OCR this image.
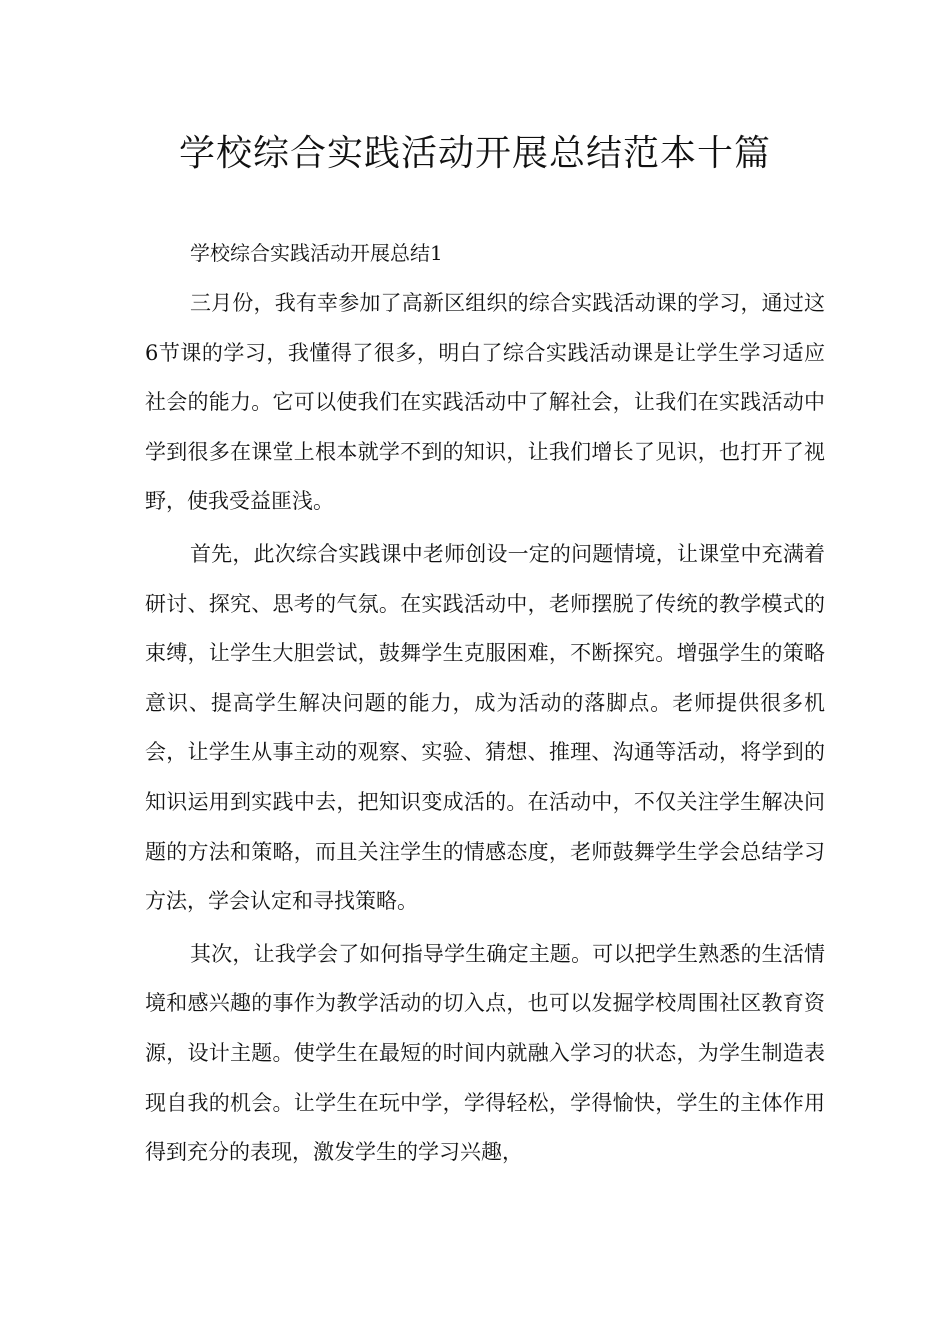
学校综合实践活动开展总结范本十篇
学校综合实践活动开展总结1

三月份，我有幸参加了高新区组织的综合实践活动课的学习，通过这6节课的学习，我懂得了很多，明白了综合实践活动课是让学生学习适应社会的能力。它可以使我们在实践活动中了解社会，让我们在实践活动中学到很多在课堂上根本就学不到的知识，让我们增长了见识，也打开了视野，使我受益匪浅。

首先，此次综合实践课中老师创设一定的问题情境，让课堂中充满着研讨、探究、思考的气氛。在实践活动中，老师摆脱了传统的教学模式的束缚，让学生大胆尝试，鼓舞学生克服困难，不断探究。增强学生的策略意识、提高学生解决问题的能力，成为活动的落脚点。老师提供很多机会，让学生从事主动的观察、实验、猜想、推理、沟通等活动，将学到的知识运用到实践中去，把知识变成活的。在活动中，不仅关注学生解决问题的方法和策略，而且关注学生的情感态度，老师鼓舞学生学会总结学习方法，学会认定和寻找策略。

其次，让我学会了如何指导学生确定主题。可以把学生熟悉的生活情境和感兴趣的事作为教学活动的切入点，也可以发掘学校周围社区教育资源，设计主题。使学生在最短的时间内就融入学习的状态，为学生制造表现自我的机会。让学生在玩中学，学得轻松，学得愉快，学生的主体作用得到充分的表现，激发学生的学习兴趣，
